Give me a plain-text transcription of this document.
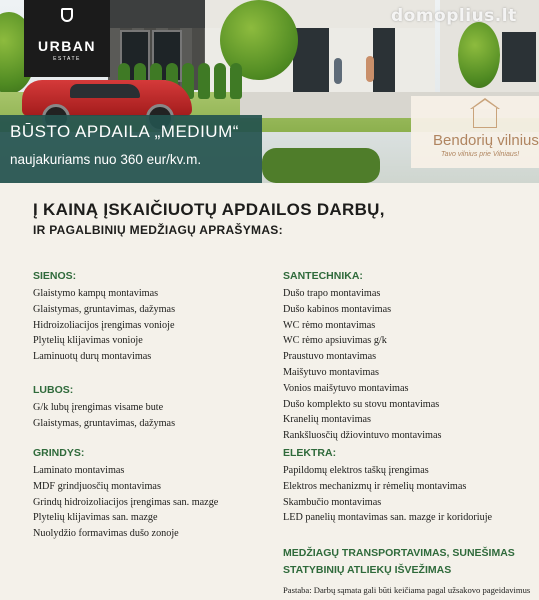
URBAN
ESTATE
domoplius.lt
BŪSTO APDAILA „MEDIUM“
naujakuriams nuo 360 eur/kv.m.
Bendorių vilnius
Tavo vilnius prie Vilniaus!
Į KAINĄ ĮSKAIČIUOTŲ APDAILOS DARBŲ,
IR PAGALBINIŲ MEDŽIAGŲ APRAŠYMAS:
SIENOS:
Glaistymo kampų montavimas
Glaistymas, gruntavimas, dažymas
Hidroizoliacijos įrengimas vonioje
Plytelių klijavimas vonioje
Laminuotų durų montavimas
LUBOS:
G/k lubų įrengimas visame bute
Glaistymas, gruntavimas, dažymas
GRINDYS:
Laminato montavimas
MDF grindjuosčių montavimas
Grindų hidroizoliacijos įrengimas san. mazge
Plytelių klijavimas san. mazge
Nuolydžio formavimas dušo zonoje
SANTECHNIKA:
Dušo trapo montavimas
Dušo kabinos montavimas
WC rėmo montavimas
WC rėmo apsiuvimas g/k
Praustuvo montavimas
Maišytuvo montavimas
Vonios maišytuvo montavimas
Dušo komplekto su stovu montavimas
Kranelių montavimas
Rankšluosčių džiovintuvo montavimas
ELEKTRA:
Papildomų elektros taškų įrengimas
Elektros mechanizmų ir rėmelių montavimas
Skambučio montavimas
LED panelių montavimas san. mazge ir koridoriuje
MEDŽIAGŲ TRANSPORTAVIMAS, SUNEŠIMAS
STATYBINIŲ ATLIEKŲ IŠVEŽIMAS
Pastaba: Darbų sąmata gali būti keičiama pagal užsakovo pageidavimus
